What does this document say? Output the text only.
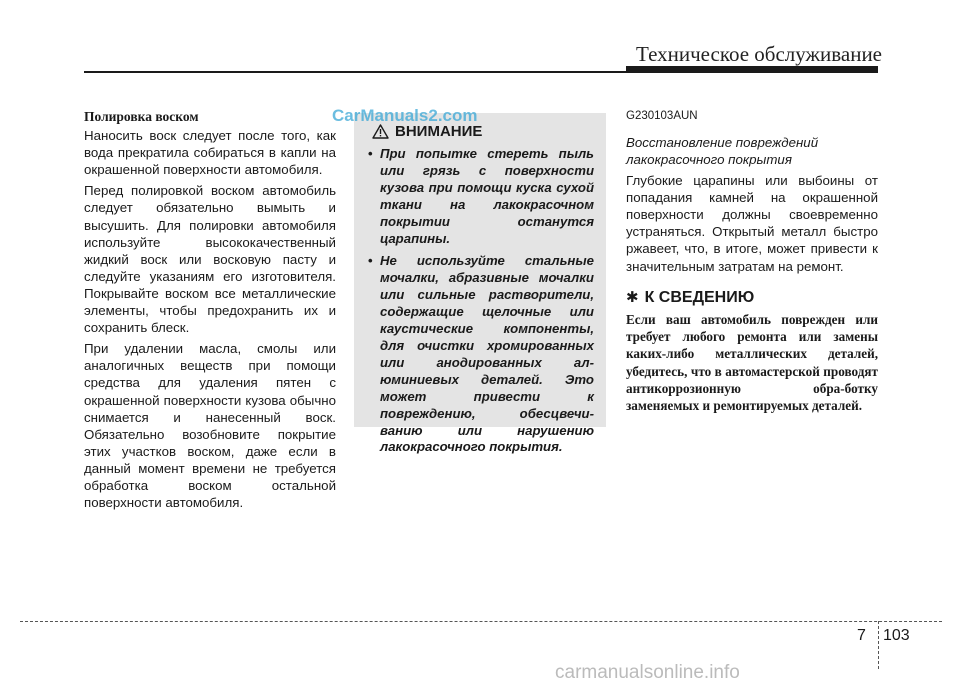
Техническое обслуживание
Полировка воском

Наносить воск следует после того, как вода прекратила собираться в капли на окрашенной поверхности автомобиля.

Перед полировкой воском автомобиль следует обязательно вымыть и высушить. Для полировки автомобиля используйте высококачественный жидкий воск или восковую пасту и следуйте указаниям его изготовителя. Покрывайте воском все металлические элементы, чтобы предохранить их и сохранить блеск.

При удалении масла, смолы или аналогичных веществ при помощи средства для удаления пятен с окрашенной поверхности кузова обычно снимается и нанесенный воск. Обязательно возобновите покрытие этих участков воском, даже если в данный момент времени не требуется обработка воском остальной поверхности автомобиля.

CarManuals2.com
ВНИМАНИЕ
• При попытке стереть пыль или грязь с поверхности кузова при помощи куска сухой ткани на лакокрасочном покрытии останутся царапины.
• Не используйте стальные мочалки, абразивные мочалки или сильные растворители, содержащие щелочные или каустические компоненты, для очистки хромированных или анодированных ал-юминиевых деталей. Это может привести к повреждению, обесцвечи-ванию или нарушению лакокрасочного покрытия.
G230103AUN
Восстановление повреждений лакокрасочного покрытия

Глубокие царапины или выбоины от попадания камней на окрашенной поверхности должны своевременно устраняться. Открытый металл быстро ржавеет, что, в итоге, может привести к значительным затратам на ремонт.

✱ К СВЕДЕНИЮ

Если ваш автомобиль поврежден или требует любого ремонта или замены каких-либо металлических деталей, убедитесь, что в автомастерской проводят антикоррозионную обра-ботку заменяемых и ремонтируемых деталей.

7 103
carmanualsonline.info
